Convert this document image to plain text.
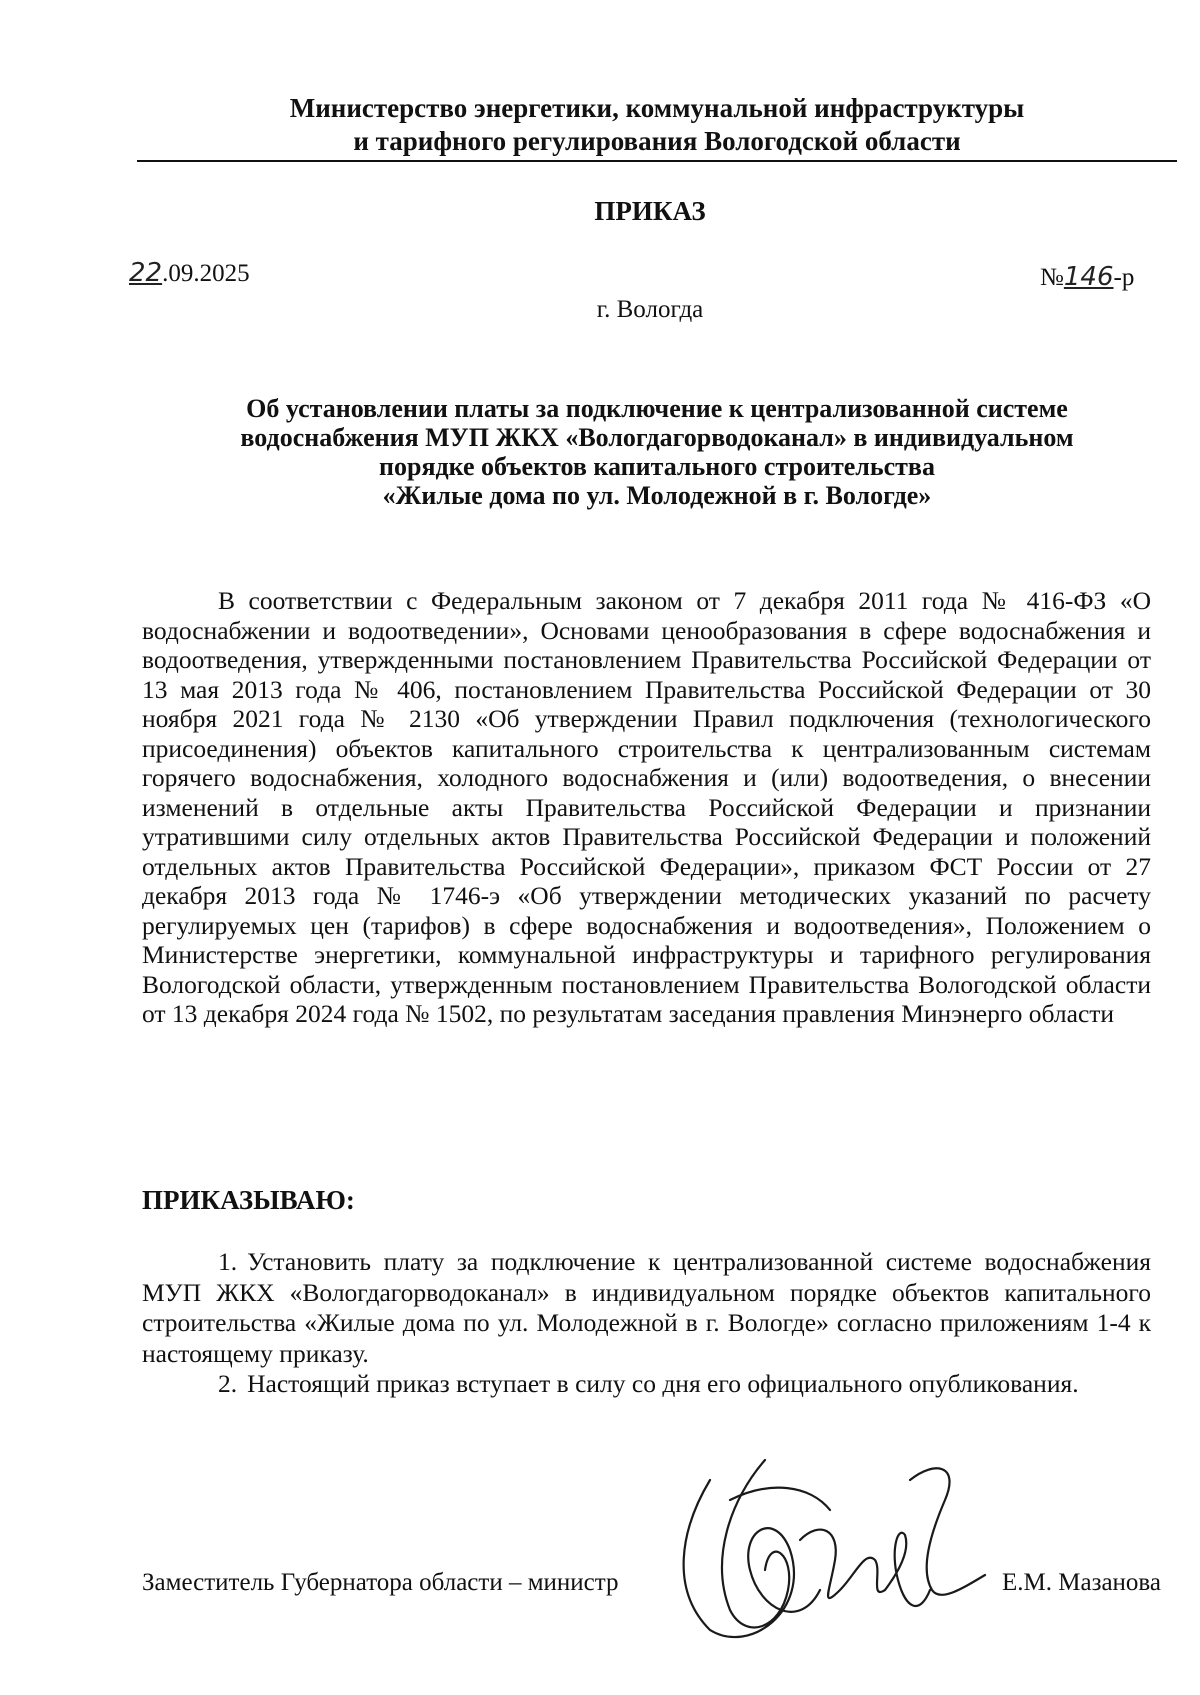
Министерство энергетики, коммунальной инфраструктуры
и тарифного регулирования Вологодской области
ПРИКАЗ
22.09.2025	№146-р
г. Вологда
Об установлении платы за подключение к централизованной системе
водоснабжения МУП ЖКХ «Вологдагорводоканал» в индивидуальном
порядке объектов капитального строительства
«Жилые дома по ул. Молодежной в г. Вологде»
В соответствии с Федеральным законом от 7 декабря 2011 года № 416-ФЗ «О водоснабжении и водоотведении», Основами ценообразования в сфере водоснабжения и водоотведения, утвержденными постановлением Правительства Российской Федерации от 13 мая 2013 года № 406, постановлением Правительства Российской Федерации от 30 ноября 2021 года № 2130 «Об утверждении Правил подключения (технологического присоединения) объектов капитального строительства к централизованным системам горячего водоснабжения, холодного водоснабжения и (или) водоотведения, о внесении изменений в отдельные акты Правительства Российской Федерации и признании утратившими силу отдельных актов Правительства Российской Федерации и положений отдельных актов Правительства Российской Федерации», приказом ФСТ России от 27 декабря 2013 года № 1746-э «Об утверждении методических указаний по расчету регулируемых цен (тарифов) в сфере водоснабжения и водоотведения», Положением о Министерстве энергетики, коммунальной инфраструктуры и тарифного регулирования Вологодской области, утвержденным постановлением Правительства Вологодской области от 13 декабря 2024 года № 1502, по результатам заседания правления Минэнерго области
ПРИКАЗЫВАЮ:
1. Установить плату за подключение к централизованной системе водоснабжения МУП ЖКХ «Вологдагорводоканал» в индивидуальном порядке объектов капитального строительства «Жилые дома по ул. Молодежной в г. Вологде» согласно приложениям 1-4 к настоящему приказу.
2. Настоящий приказ вступает в силу со дня его официального опубликования.
Заместитель Губернатора области – министр	Е.М. Мазанова
